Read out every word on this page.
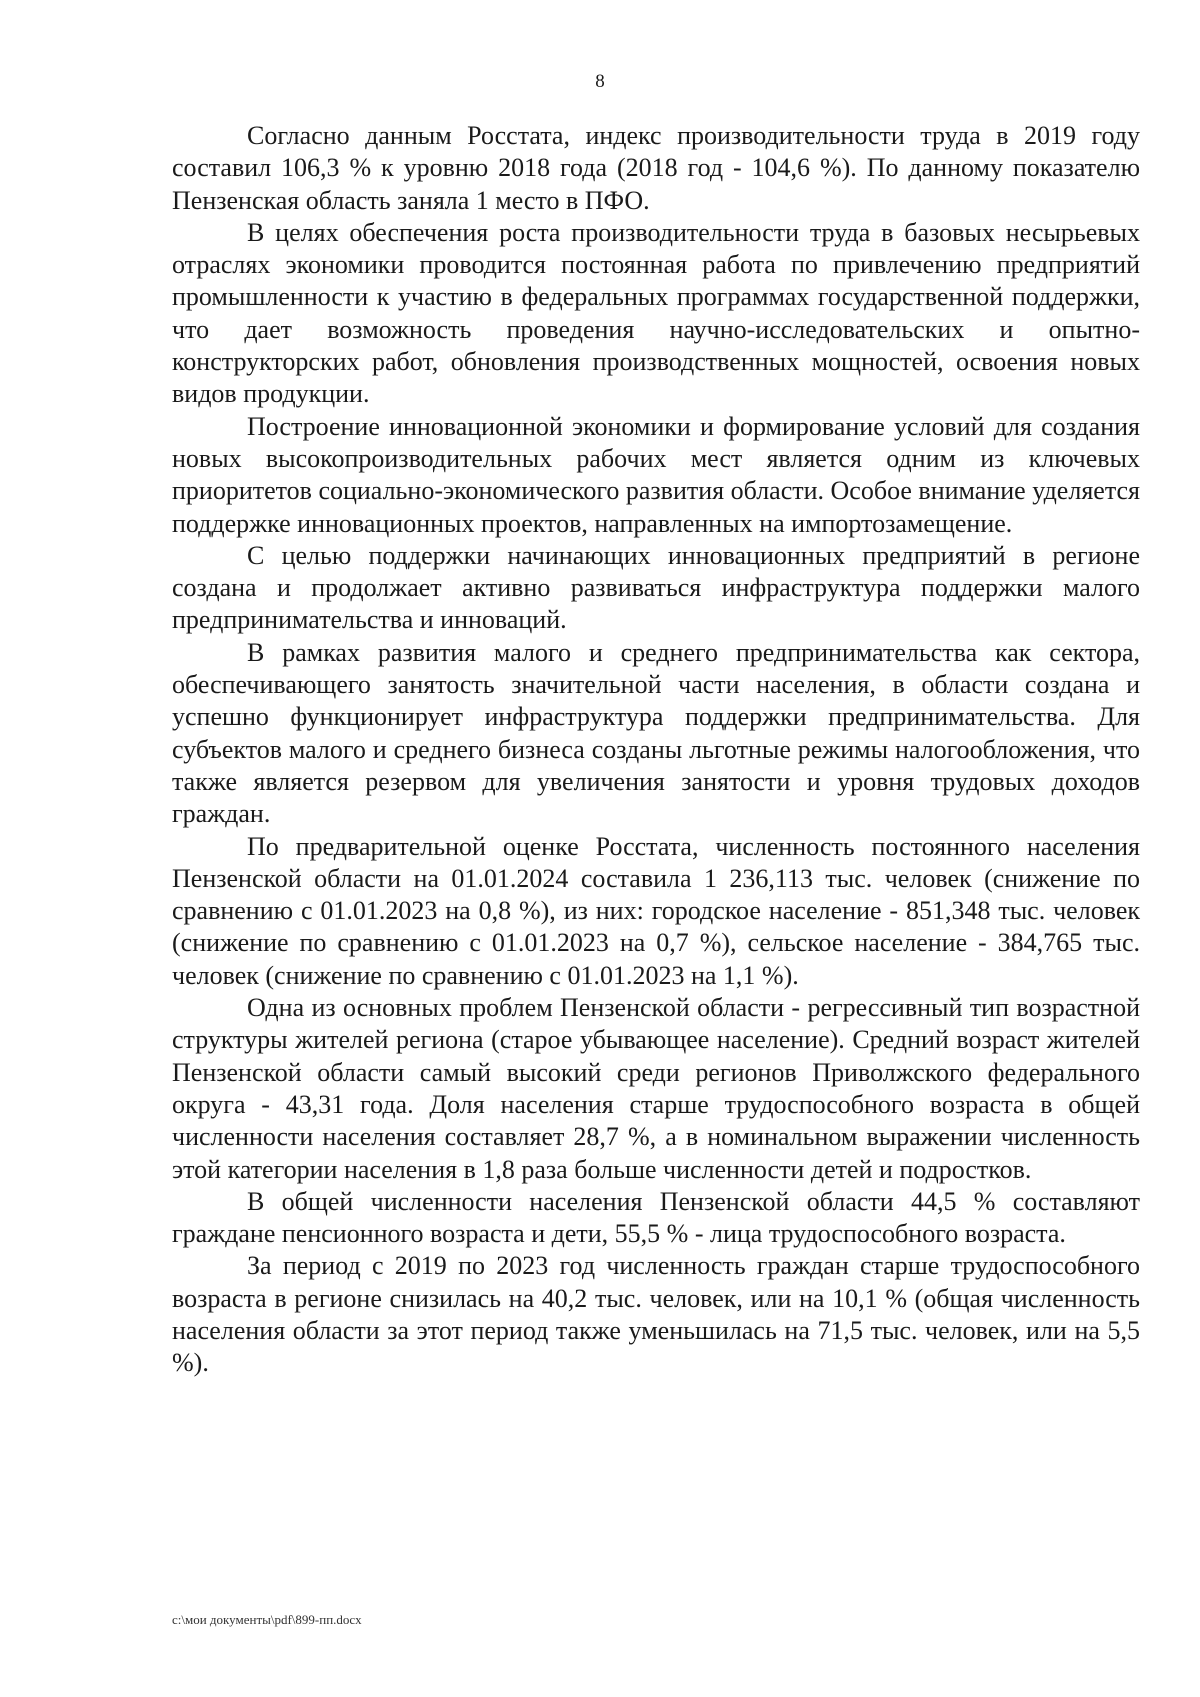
8

Согласно данным Росстата, индекс производительности труда в 2019 году составил 106,3 % к уровню 2018 года (2018 год - 104,6 %). По данному показателю Пензенская область заняла 1 место в ПФО.

В целях обеспечения роста производительности труда в базовых несырьевых отраслях экономики проводится постоянная работа по привлечению предприятий промышленности к участию в федеральных программах государственной поддержки, что дает возможность проведения научно-исследовательских и опытно-конструкторских работ, обновления производственных мощностей, освоения новых видов продукции.

Построение инновационной экономики и формирование условий для создания новых высокопроизводительных рабочих мест является одним из ключевых приоритетов социально-экономического развития области. Особое внимание уделяется поддержке инновационных проектов, направленных на импортозамещение.

С целью поддержки начинающих инновационных предприятий в регионе создана и продолжает активно развиваться инфраструктура поддержки малого предпринимательства и инноваций.

В рамках развития малого и среднего предпринимательства как сектора, обеспечивающего занятость значительной части населения, в области создана и успешно функционирует инфраструктура поддержки предпринимательства. Для субъектов малого и среднего бизнеса созданы льготные режимы налогообложения, что также является резервом для увеличения занятости и уровня трудовых доходов граждан.

По предварительной оценке Росстата, численность постоянного населения Пензенской области на 01.01.2024 составила 1 236,113 тыс. человек (снижение по сравнению с 01.01.2023 на 0,8 %), из них: городское население - 851,348 тыс. человек (снижение по сравнению с 01.01.2023 на 0,7 %), сельское население - 384,765 тыс. человек (снижение по сравнению с 01.01.2023 на 1,1 %).

Одна из основных проблем Пензенской области - регрессивный тип возрастной структуры жителей региона (старое убывающее население). Средний возраст жителей Пензенской области самый высокий среди регионов Приволжского федерального округа - 43,31 года. Доля населения старше трудоспособного возраста в общей численности населения составляет 28,7 %, а в номинальном выражении численность этой категории населения в 1,8 раза больше численности детей и подростков.

В общей численности населения Пензенской области 44,5 % составляют граждане пенсионного возраста и дети, 55,5 % - лица трудоспособного возраста.

За период с 2019 по 2023 год численность граждан старше трудоспособного возраста в регионе снизилась на 40,2 тыс. человек, или на 10,1 % (общая численность населения области за этот период также уменьшилась на 71,5 тыс. человек, или на 5,5 %).

c:\мои документы\pdf\899-пп.docx
